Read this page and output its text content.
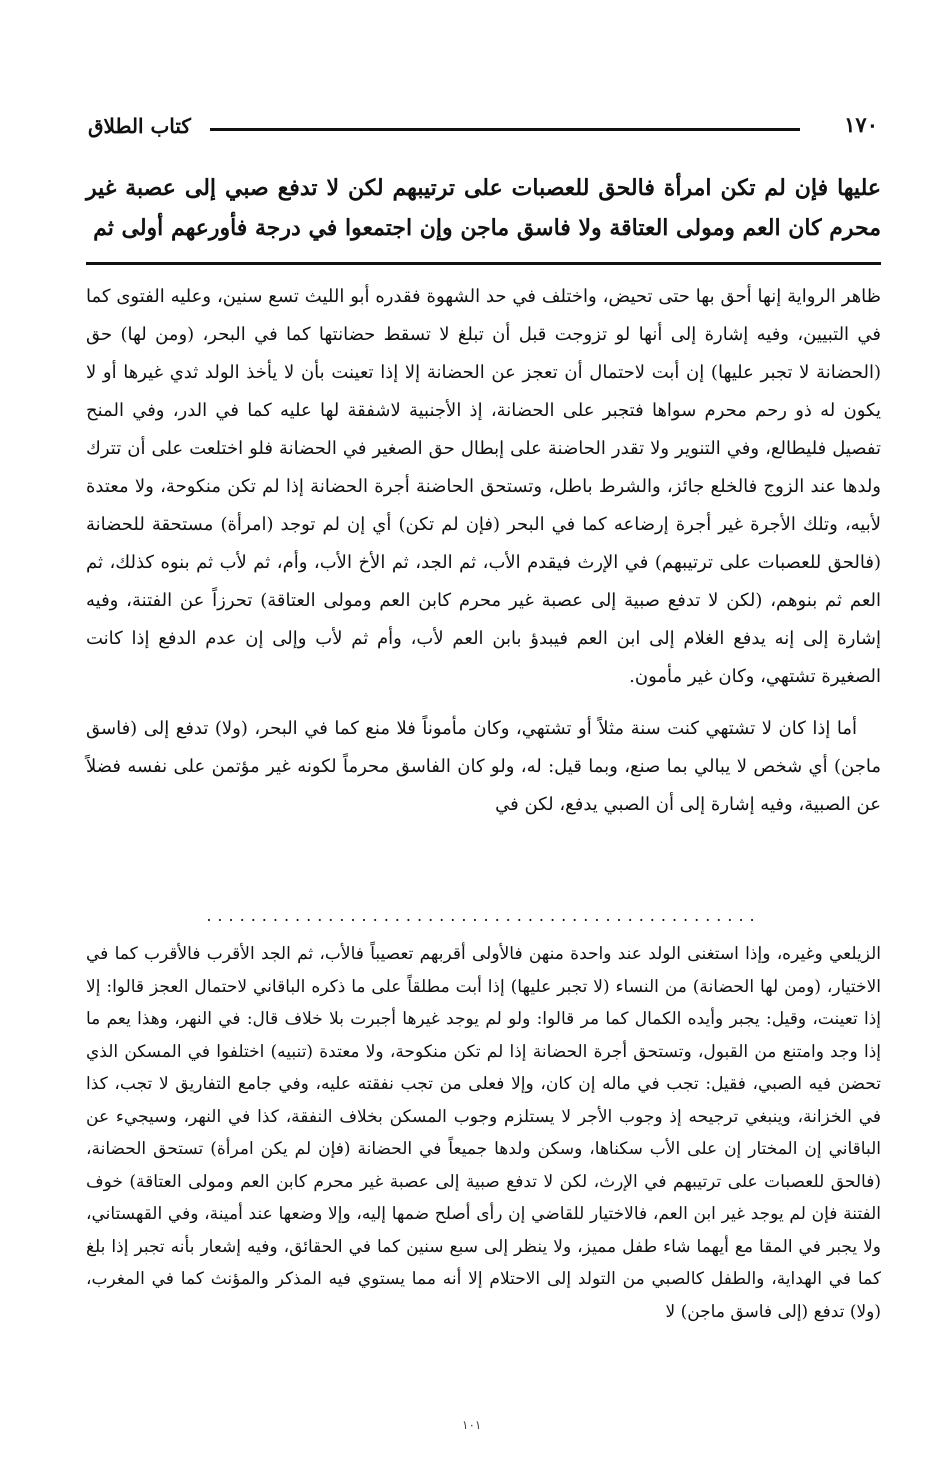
كتاب الطلاق	١٧٠

عليها فإن لم تكن امرأة فالحق للعصبات على ترتيبهم لكن لا تدفع صبي إلى عصبة غير محرم كان العم ومولى العتاقة ولا فاسق ماجن وإن اجتمعوا في درجة فأورعهم أولى ثم

ظاهر الرواية إنها أحق بها حتى تحيض، واختلف في حد الشهوة فقدره أبو الليث تسع سنين، وعليه الفتوى كما في التبيين، وفيه إشارة إلى أنها لو تزوجت قبل أن تبلغ لا تسقط حضانتها كما في البحر، (ومن لها) حق (الحضانة لا تجبر عليها) إن أبت لاحتمال أن تعجز عن الحضانة إلا إذا تعينت بأن لا يأخذ الولد ثدي غيرها أو لا يكون له ذو رحم محرم سواها فتجبر على الحضانة، إذ الأجنبية لاشفقة لها عليه كما في الدر، وفي المنح تفصيل فليطالع، وفي التنوير ولا تقدر الحاضنة على إبطال حق الصغير في الحضانة فلو اختلعت على أن تترك ولدها عند الزوج فالخلع جائز، والشرط باطل، وتستحق الحاضنة أجرة الحضانة إذا لم تكن منكوحة، ولا معتدة لأبيه، وتلك الأجرة غير أجرة إرضاعه كما في البحر (فإن لم تكن) أي إن لم توجد (امرأة) مستحقة للحضانة (فالحق للعصبات على ترتيبهم) في الإرث فيقدم الأب، ثم الجد، ثم الأخ الأب، وأم، ثم لأب ثم بنوه كذلك، ثم العم ثم بنوهم، (لكن لا تدفع صبية إلى عصبة غير محرم كابن العم ومولى العتاقة) تحرزاً عن الفتنة، وفيه إشارة إلى إنه يدفع الغلام إلى ابن العم فيبدؤ بابن العم لأب، وأم ثم لأب وإلى إن عدم الدفع إذا كانت الصغيرة تشتهي، وكان غير مأمون.

أما إذا كان لا تشتهي كنت سنة مثلاً أو تشتهي، وكان مأموناً فلا منع كما في البحر، (ولا) تدفع إلى (فاسق ماجن) أي شخص لا يبالي بما صنع، وبما قيل: له، ولو كان الفاسق محرماً لكونه غير مؤتمن على نفسه فضلاً عن الصبية، وفيه إشارة إلى أن الصبي يدفع، لكن في

..................................................

الزيلعي وغيره، وإذا استغنى الولد عند واحدة منهن فالأولى أقربهم تعصيباً فالأب، ثم الجد الأقرب فالأقرب كما في الاختيار، (ومن لها الحضانة) من النساء (لا تجبر عليها) إذا أبت مطلقاً على ما ذكره الباقاني لاحتمال العجز قالوا: إلا إذا تعينت، وقيل: يجبر وأيده الكمال كما مر قالوا: ولو لم يوجد غيرها أجبرت بلا خلاف قال: في النهر، وهذا يعم ما إذا وجد وامتنع من القبول، وتستحق أجرة الحضانة إذا لم تكن منكوحة، ولا معتدة (تنبيه) اختلفوا في المسكن الذي تحضن فيه الصبي، فقيل: تجب في ماله إن كان، وإلا فعلى من تجب نفقته عليه، وفي جامع التفاريق لا تجب، كذا في الخزانة، وينبغي ترجيحه إذ وجوب الأجر لا يستلزم وجوب المسكن بخلاف النفقة، كذا في النهر، وسيجيء عن الباقاني إن المختار إن على الأب سكناها، وسكن ولدها جميعاً في الحضانة (فإن لم يكن امرأة) تستحق الحضانة، (فالحق للعصبات على ترتيبهم في الإرث، لكن لا تدفع صبية إلى عصبة غير محرم كابن العم ومولى العتاقة) خوف الفتنة فإن لم يوجد غير ابن العم، فالاختيار للقاضي إن رأى أصلح ضمها إليه، وإلا وضعها عند أمينة، وفي القهستاني، ولا يجبر في المقا مع أيهما شاء طفل مميز، ولا ينظر إلى سبع سنين كما في الحقائق، وفيه إشعار بأنه تجبر إذا بلغ كما في الهداية، والطفل كالصبي من التولد إلى الاحتلام إلا أنه مما يستوي فيه المذكر والمؤنث كما في المغرب، (ولا) تدفع (إلى فاسق ماجن) لا

١٠١
